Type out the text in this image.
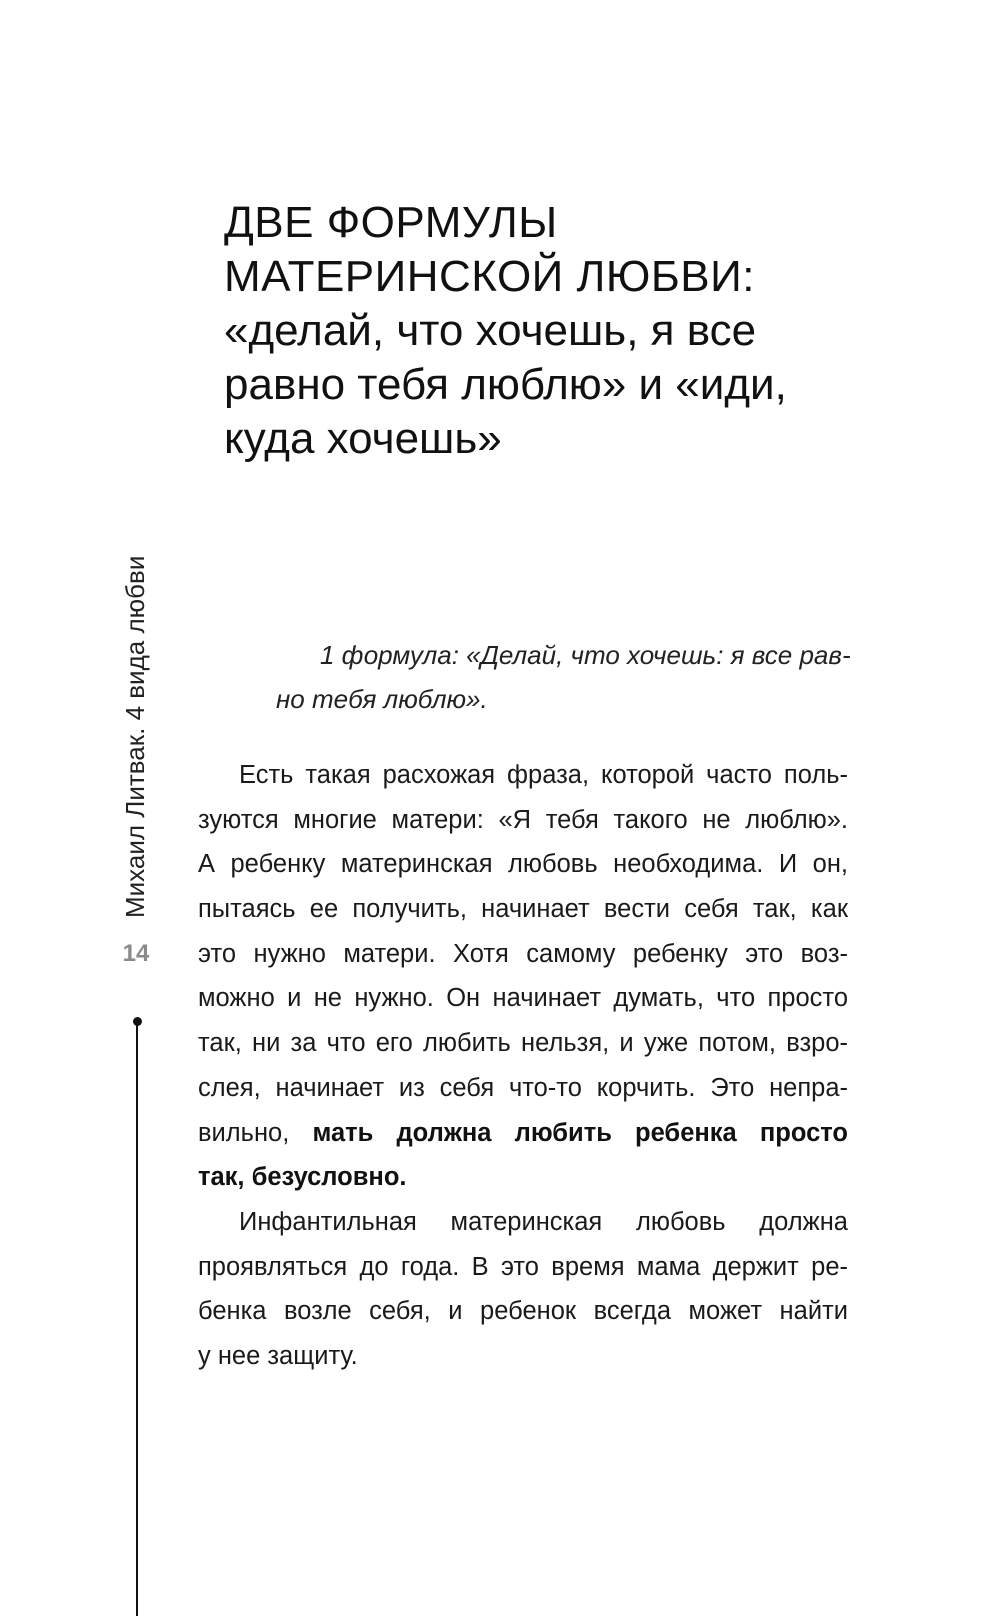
ДВЕ ФОРМУЛЫ
МАТЕРИНСКОЙ ЛЮБВИ:
«делай, что хочешь, я все
равно тебя люблю» и «иди,
куда хочешь»
1 формула: «Делай, что хочешь: я все рав-
но тебя люблю».
Есть такая расхожая фраза, которой часто поль-
зуются многие матери: «Я тебя такого не люблю».
А ребенку материнская любовь необходима. И он,
пытаясь ее получить, начинает вести себя так, как
это нужно матери. Хотя самому ребенку это воз-
можно и не нужно. Он начинает думать, что просто
так, ни за что его любить нельзя, и уже потом, взро-
слея, начинает из себя что-то корчить. Это непра-
вильно, мать должна любить ребенка просто
так, безусловно.
Инфантильная материнская любовь должна
проявляться до года. В это время мама держит ре-
бенка возле себя, и ребенок всегда может найти
у нее защиту.
Михаил Литвак. 4 вида любви
14
